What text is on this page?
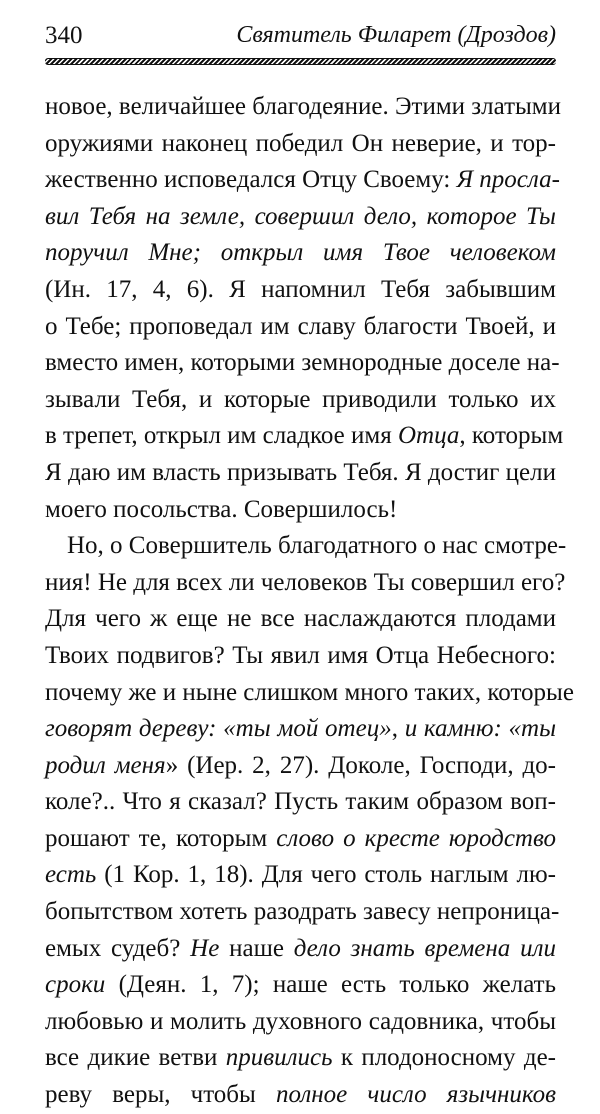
340	Святитель Филарет (Дроздов)
новое, величайшее благодеяние. Этими златыми
оружиями наконец победил Он неверие, и тор-
жественно исповедался Отцу Своему: Я просла-
вил Тебя на земле, совершил дело, которое Ты
поручил Мне; открыл имя Твое человеком
(Ин. 17, 4, 6). Я напомнил Тебя забывшим
о Тебе; проповедал им славу благости Твоей, и
вместо имен, которыми земнородные доселе на-
зывали Тебя, и которые приводили только их
в трепет, открыл им сладкое имя Отца, которым
Я даю им власть призывать Тебя. Я достиг цели
моего посольства. Совершилось!
Но, о Совершитель благодатного о нас смотре-
ния! Не для всех ли человеков Ты совершил его?
Для чего ж еще не все наслаждаются плодами
Твоих подвигов? Ты явил имя Отца Небесного:
почему же и ныне слишком много таких, которые
говорят дереву: «ты мой отец», и камню: «ты
родил меня» (Иер. 2, 27). Доколе, Господи, до-
коле?.. Что я сказал? Пусть таким образом воп-
рошают те, которым слово о кресте юродство
есть (1 Кор. 1, 18). Для чего столь наглым лю-
бопытством хотеть разодрать завесу непроница-
емых судеб? Не наше дело знать времена или
сроки (Деян. 1, 7); наше есть только желать
любовью и молить духовного садовника, чтобы
все дикие ветви привились к плодоносному де-
реву веры, чтобы полное число язычников
